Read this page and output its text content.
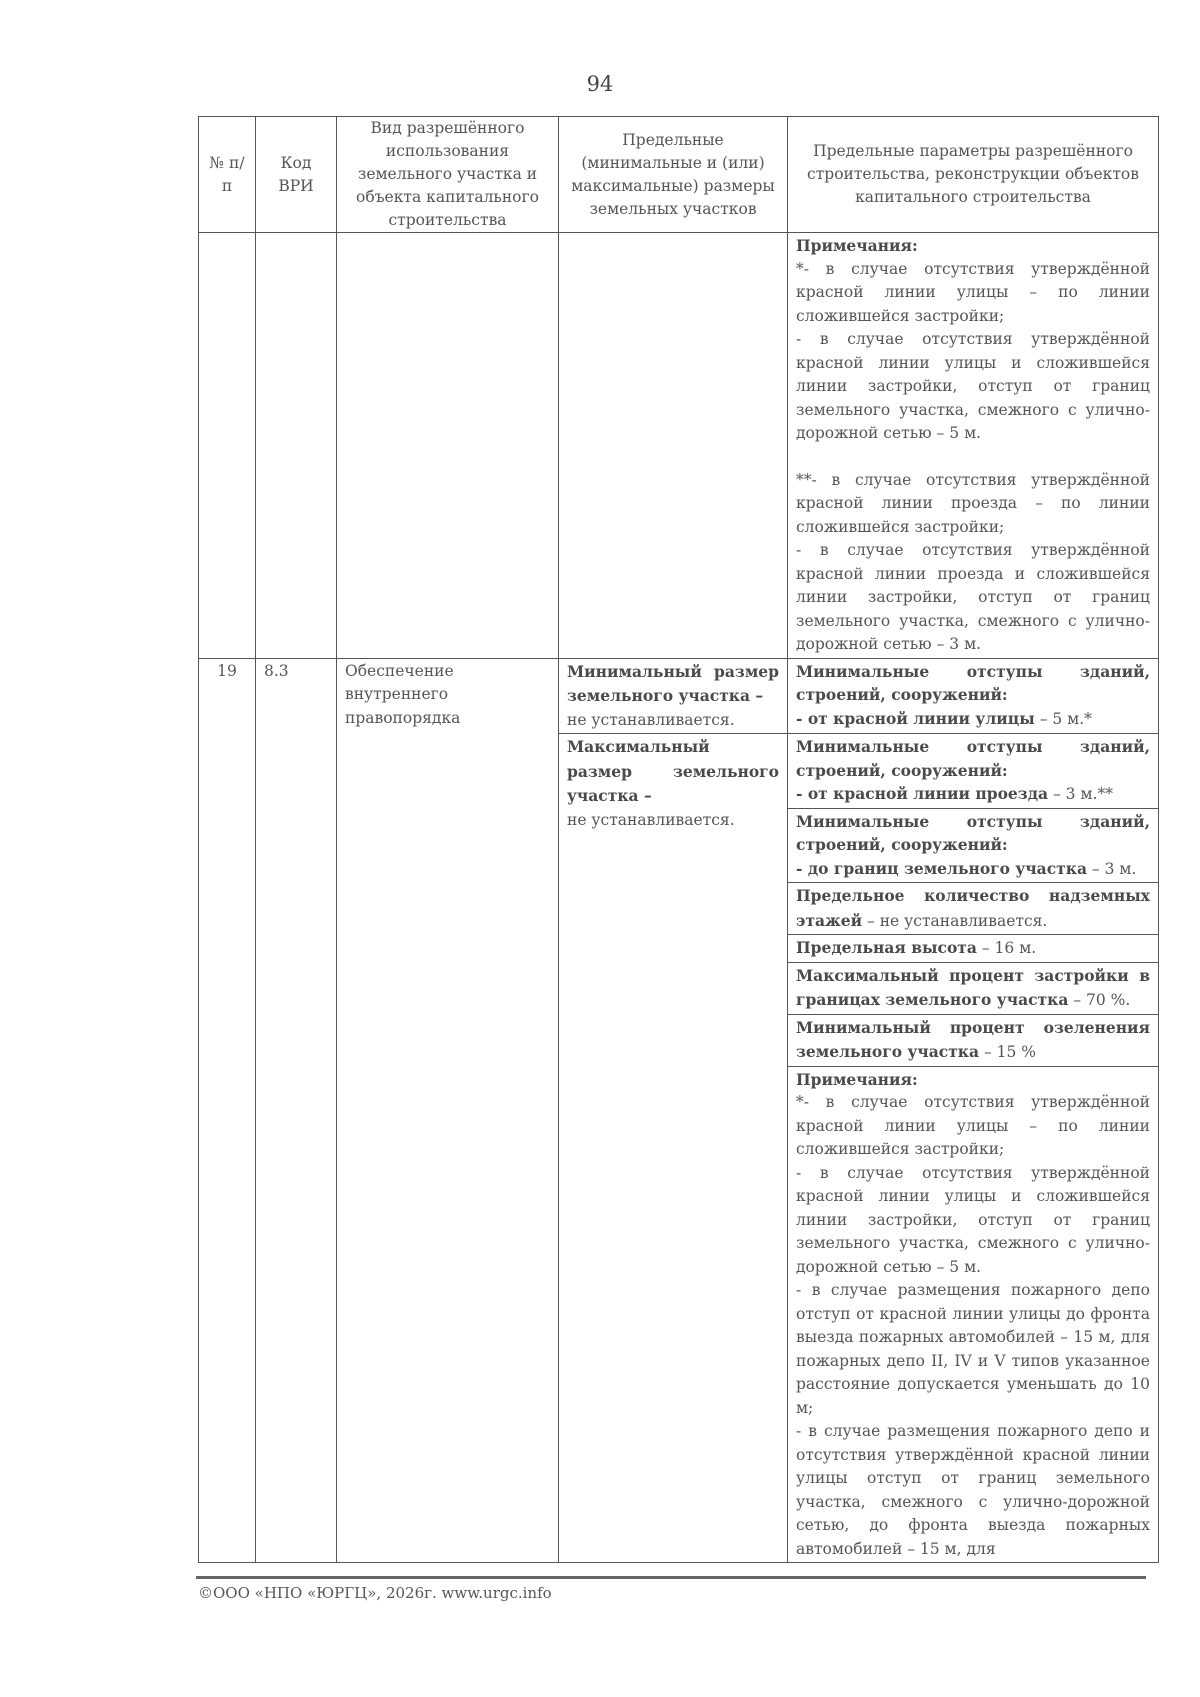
94
№ п/п	Код ВРИ	Вид разрешённого использования земельного участка и объекта капитального строительства	Предельные (минимальные и (или) максимальные) размеры земельных участков	Предельные параметры разрешённого строительства, реконструкции объектов капитального строительства

				Примечания:
*- в случае отсутствия утверждённой красной линии улицы – по линии сложившейся застройки;
- в случае отсутствия утверждённой красной линии улицы и сложившейся линии застройки, отступ от границ земельного участка, смежного с улично-дорожной сетью – 5 м.
**- в случае отсутствия утверждённой красной линии проезда – по линии сложившейся застройки;
- в случае отсутствия утверждённой красной линии проезда и сложившейся линии застройки, отступ от границ земельного участка, смежного с улично-дорожной сетью – 3 м.

19	8.3	Обеспечение внутреннего правопорядка	Минимальный размер земельного участка –
не устанавливается.	Минимальные отступы зданий, строений, сооружений:
- от красной линии улицы – 5 м.*
			Максимальный размер земельного участка –
не устанавливается.	Минимальные отступы зданий, строений, сооружений:
- от красной линии проезда – 3 м.**

				Минимальные отступы зданий, строений, сооружений:
- до границ земельного участка – 3 м.
				Предельное количество надземных этажей – не устанавливается.
				Предельная высота – 16 м.
				Максимальный процент застройки в границах земельного участка – 70 %.
				Минимальный процент озеленения земельного участка – 15 %

				Примечания:
*- в случае отсутствия утверждённой красной линии улицы – по линии сложившейся застройки;
- в случае отсутствия утверждённой красной линии улицы и сложившейся линии застройки, отступ от границ земельного участка, смежного с улично-дорожной сетью – 5 м.
- в случае размещения пожарного депо отступ от красной линии улицы до фронта выезда пожарных автомобилей – 15 м, для пожарных депо II, IV и V типов указанное расстояние допускается уменьшать до 10 м;
- в случае размещения пожарного депо и отсутствия утверждённой красной линии улицы отступ от границ земельного участка, смежного с улично-дорожной сетью, до фронта выезда пожарных автомобилей – 15 м, для
©ООО «НПО «ЮРГЦ», 2026г. www.urgc.info
